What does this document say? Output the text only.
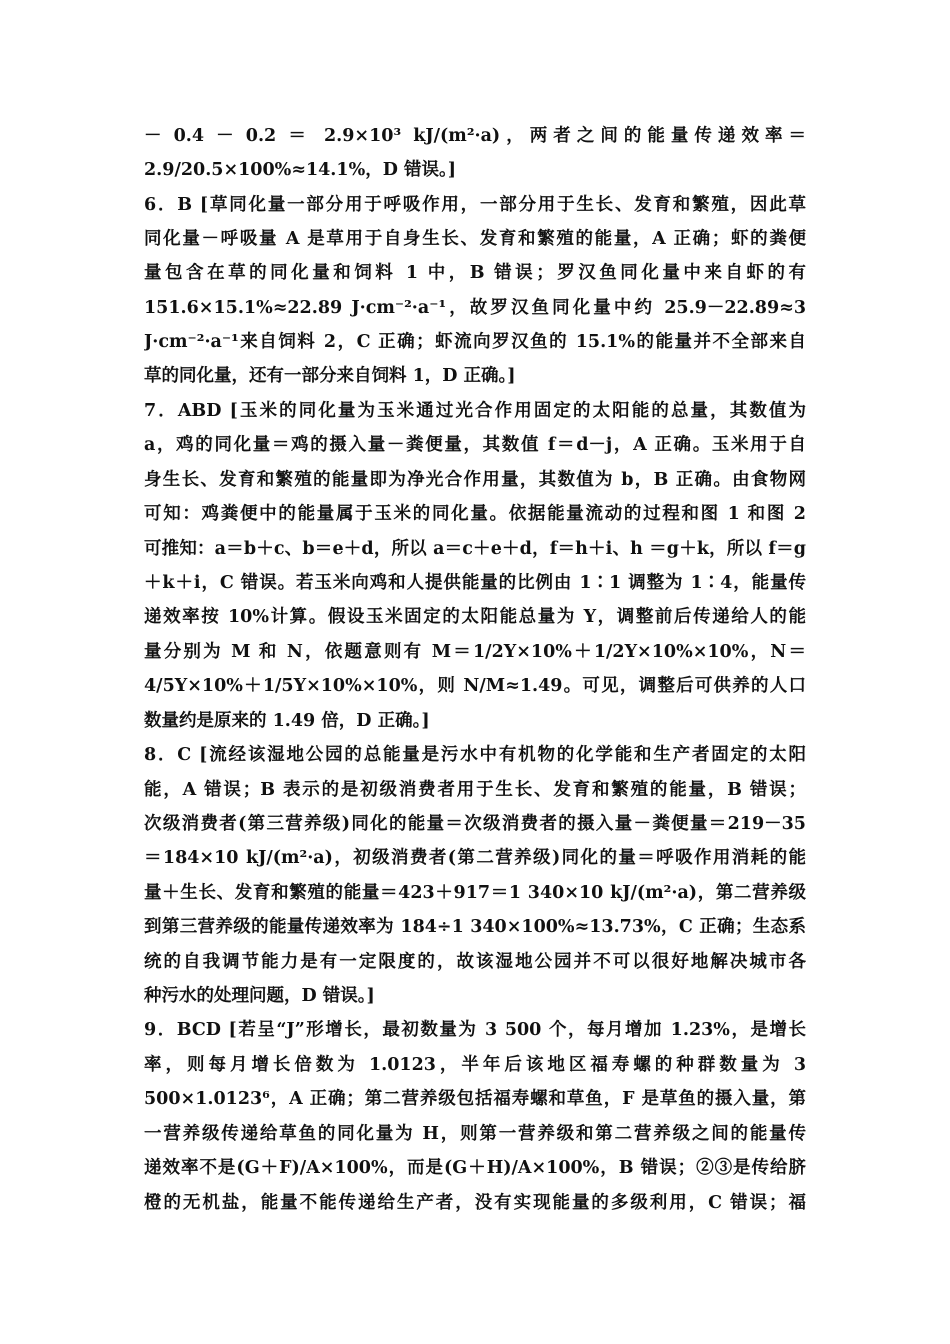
－ 0.4 － 0.2 ＝ 2.9×10³ kJ/(m²·a)，两者之间的能量传递效率＝
2.9/20.5×100%≈14.1%，D 错误。]
6．B [草同化量一部分用于呼吸作用，一部分用于生长、发育和繁殖，因此草
同化量－呼吸量 A 是草用于自身生长、发育和繁殖的能量，A 正确；虾的粪便
量包含在草的同化量和饲料 1 中，B 错误；罗汉鱼同化量中来自虾的有
151.6×15.1%≈22.89 J·cm⁻²·a⁻¹，故罗汉鱼同化量中约 25.9－22.89≈3
J·cm⁻²·a⁻¹来自饲料 2，C 正确；虾流向罗汉鱼的 15.1%的能量并不全部来自
草的同化量，还有一部分来自饲料 1，D 正确。]
7．ABD [玉米的同化量为玉米通过光合作用固定的太阳能的总量，其数值为
a，鸡的同化量＝鸡的摄入量－粪便量，其数值 f＝d－j，A 正确。玉米用于自
身生长、发育和繁殖的能量即为净光合作用量，其数值为 b，B 正确。由食物网
可知：鸡粪便中的能量属于玉米的同化量。依据能量流动的过程和图 1 和图 2
可推知：a＝b＋c、b＝e＋d，所以 a＝c＋e＋d，f＝h＋i、h ＝g＋k，所以 f＝g
＋k＋i，C 错误。若玉米向鸡和人提供能量的比例由 1∶1 调整为 1∶4，能量传
递效率按 10%计算。假设玉米固定的太阳能总量为 Y，调整前后传递给人的能
量分别为 M 和 N，依题意则有 M＝1/2Y×10%＋1/2Y×10%×10%，N＝
4/5Y×10%＋1/5Y×10%×10%，则 N/M≈1.49。可见，调整后可供养的人口
数量约是原来的 1.49 倍，D 正确。]
8．C [流经该湿地公园的总能量是污水中有机物的化学能和生产者固定的太阳
能，A 错误；B 表示的是初级消费者用于生长、发育和繁殖的能量，B 错误；
次级消费者(第三营养级)同化的能量＝次级消费者的摄入量－粪便量＝219－35
＝184×10 kJ/(m²·a)，初级消费者(第二营养级)同化的量＝呼吸作用消耗的能
量＋生长、发育和繁殖的能量＝423＋917＝1 340×10 kJ/(m²·a)，第二营养级
到第三营养级的能量传递效率为 184÷1 340×100%≈13.73%，C 正确；生态系
统的自我调节能力是有一定限度的，故该湿地公园并不可以很好地解决城市各
种污水的处理问题，D 错误。]
9．BCD [若呈“J”形增长，最初数量为 3 500 个，每月增加 1.23%，是增长
率，则每月增长倍数为 1.0123，半年后该地区福寿螺的种群数量为 3
500×1.0123⁶，A 正确；第二营养级包括福寿螺和草鱼，F 是草鱼的摄入量，第
一营养级传递给草鱼的同化量为 H，则第一营养级和第二营养级之间的能量传
递效率不是(G＋F)/A×100%，而是(G＋H)/A×100%，B 错误；②③是传给脐
橙的无机盐，能量不能传递给生产者，没有实现能量的多级利用，C 错误；福
